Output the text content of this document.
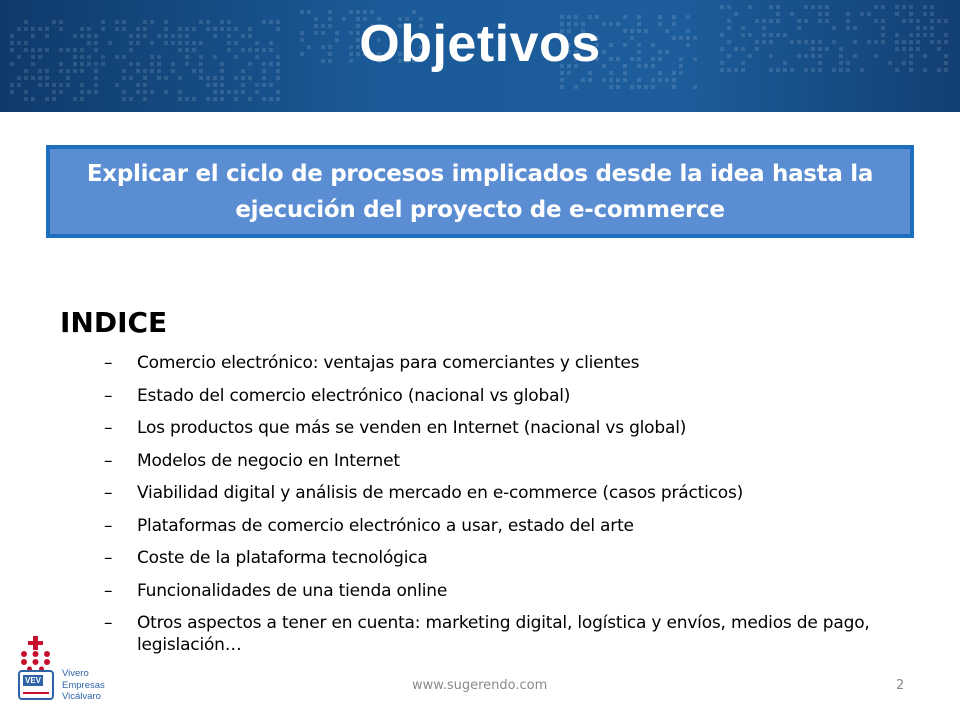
Objetivos
Explicar el ciclo de procesos implicados desde la idea hasta la ejecución del proyecto de e-commerce
INDICE
– Comercio electrónico: ventajas para comerciantes y clientes
– Estado del comercio electrónico (nacional vs global)
– Los productos que más se venden en Internet (nacional vs global)
– Modelos de negocio en Internet
– Viabilidad digital y análisis de mercado en e-commerce (casos prácticos)
– Plataformas de comercio electrónico a usar, estado del arte
– Coste de la plataforma tecnológica
– Funcionalidades de una tienda online
– Otros aspectos a tener en cuenta: marketing digital, logística y envíos, medios de pago, legislación…
VEV
Vivero
Empresas
Vicálvaro
www.sugerendo.com	2
